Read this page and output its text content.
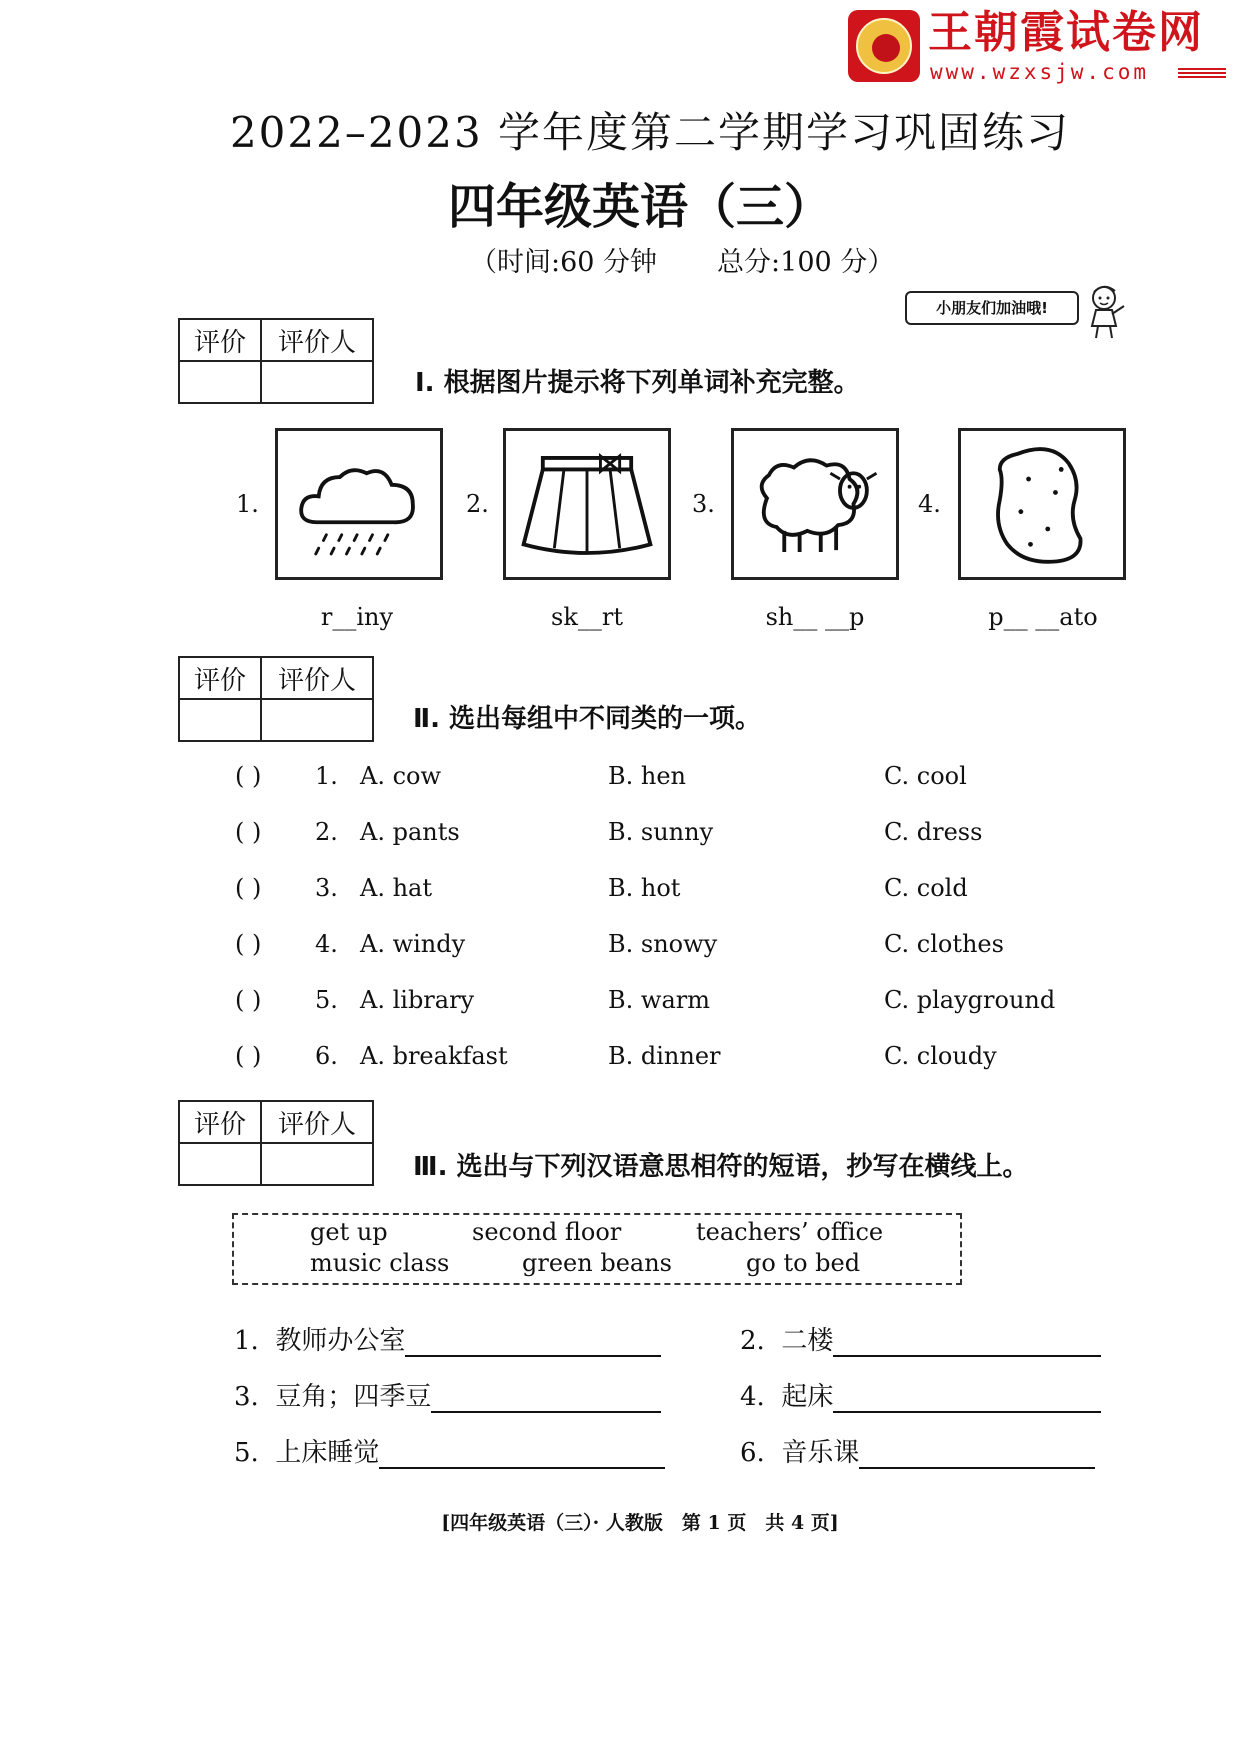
王朝霞试卷网
www.wzxsjw.com
2022–2023 学年度第二学期学习巩固练习
四年级英语（三）
（时间:60 分钟 总分:100 分）
小朋友们加油哦!
评价	评价人

Ⅰ. 根据图片提示将下列单词补充完整。
1.
r__iny
2.
sk__rt
3.
sh__ __p
4.
p__ __ato
评价	评价人

Ⅱ. 选出每组中不同类的一项。
( ) 1. A. cow	B. hen	C. cool
( ) 2. A. pants	B. sunny	C. dress
( ) 3. A. hat	B. hot	C. cold
( ) 4. A. windy	B. snowy	C. clothes
( ) 5. A. library	B. warm	C. playground
( ) 6. A. breakfast	B. dinner	C. cloudy
评价	评价人

Ⅲ. 选出与下列汉语意思相符的短语，抄写在横线上。
get up	second floor	teachers’ office
music class	green beans	go to bed
1. 教师办公室	2. 二楼
3. 豆角；四季豆	4. 起床
5. 上床睡觉	6. 音乐课
[四年级英语（三）· 人教版　第 1 页　共 4 页]
